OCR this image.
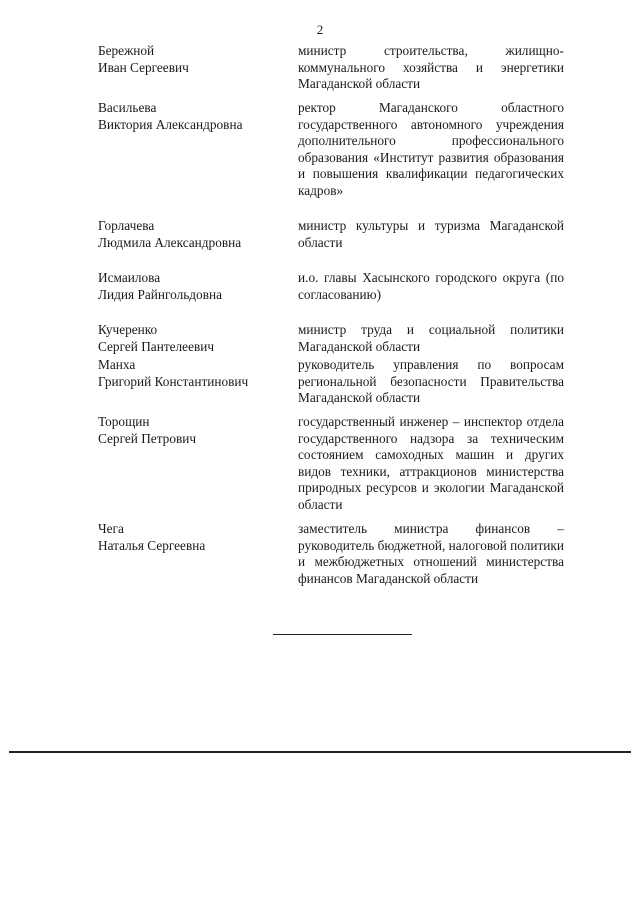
2
Бережной
Иван Сергеевич
министр строительства, жилищно-коммунального хозяйства и энергетики Магаданской области
Васильева
Виктория Александровна
ректор Магаданского областного государственного автономного учреждения дополнительного профессионального образования «Институт развития образования и повышения квалификации педагогических кадров»
Горлачева
Людмила Александровна
министр культуры и туризма Магаданской области
Исмаилова
Лидия Райнгольдовна
и.о. главы Хасынского городского округа (по согласованию)
Кучеренко
Сергей Пантелеевич
министр труда и социальной политики Магаданской области
Манха
Григорий Константинович
руководитель управления по вопросам региональной безопасности Правительства Магаданской области
Торощин
Сергей Петрович
государственный инженер – инспектор отдела государственного надзора за техническим состоянием самоходных машин и других видов техники, аттракционов министерства природных ресурсов и экологии Магаданской области
Чега
Наталья Сергеевна
заместитель министра финансов – руководитель бюджетной, налоговой политики и межбюджетных отношений министерства финансов Магаданской области
